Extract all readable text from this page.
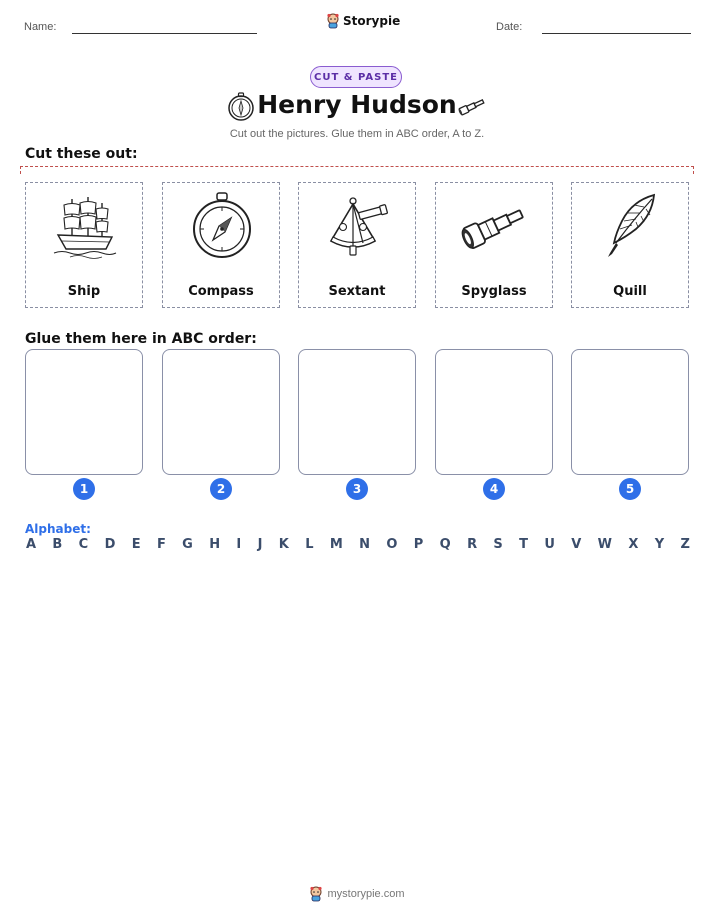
Name:	Storypie	Date:
CUT & PASTE
Henry Hudson
Cut out the pictures. Glue them in ABC order, A to Z.
Cut these out:
Ship	Compass	Sextant	Spyglass	Quill
Glue them here in ABC order:
1	2	3	4	5
Alphabet:
A B C D E F G H I J K L M N O P Q R S T U V W X Y Z
mystorypie.com
